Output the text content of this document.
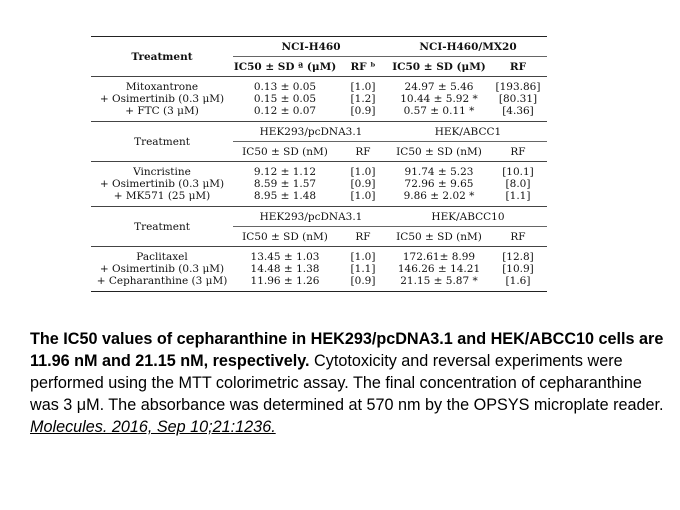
Treatment	NCI-H460		NCI-H460/MX20	
	IC50 ± SD ª (μM)	RF ᵇ	IC50 ± SD (μM)	RF
Mitoxantrone	0.13 ± 0.05	[1.0]	24.97 ± 5.46	[193.86]
+ Osimertinib (0.3 μM)	0.15 ± 0.05	[1.2]	10.44 ± 5.92 *	[80.31]
+ FTC (3 μM)	0.12 ± 0.07	[0.9]	0.57 ± 0.11 *	[4.36]
Treatment	HEK293/pcDNA3.1		HEK/ABCC1	
	IC50 ± SD (nM)	RF	IC50 ± SD (nM)	RF
Vincristine	9.12 ± 1.12	[1.0]	91.74 ± 5.23	[10.1]
+ Osimertinib (0.3 μM)	8.59 ± 1.57	[0.9]	72.96 ± 9.65	[8.0]
+ MK571 (25 μM)	8.95 ± 1.48	[1.0]	9.86 ± 2.02 *	[1.1]
Treatment	HEK293/pcDNA3.1		HEK/ABCC10	
	IC50 ± SD (nM)	RF	IC50 ± SD (nM)	RF
Paclitaxel	13.45 ± 1.03	[1.0]	172.61± 8.99	[12.8]
+ Osimertinib (0.3 μM)	14.48 ± 1.38	[1.1]	146.26 ± 14.21	[10.9]
+ Cepharanthine (3 μM)	11.96 ± 1.26	[0.9]	21.15 ± 5.87 *	[1.6]
The IC50 values of cepharanthine in HEK293/pcDNA3.1 and HEK/ABCC10 cells are 11.96 nM and 21.15 nM, respectively. Cytotoxicity and reversal experiments were performed using the MTT colorimetric assay. The final concentration of cepharanthine was 3 μM. The absorbance was determined at 570 nm by the OPSYS microplate reader. Molecules. 2016, Sep 10;21:1236.
